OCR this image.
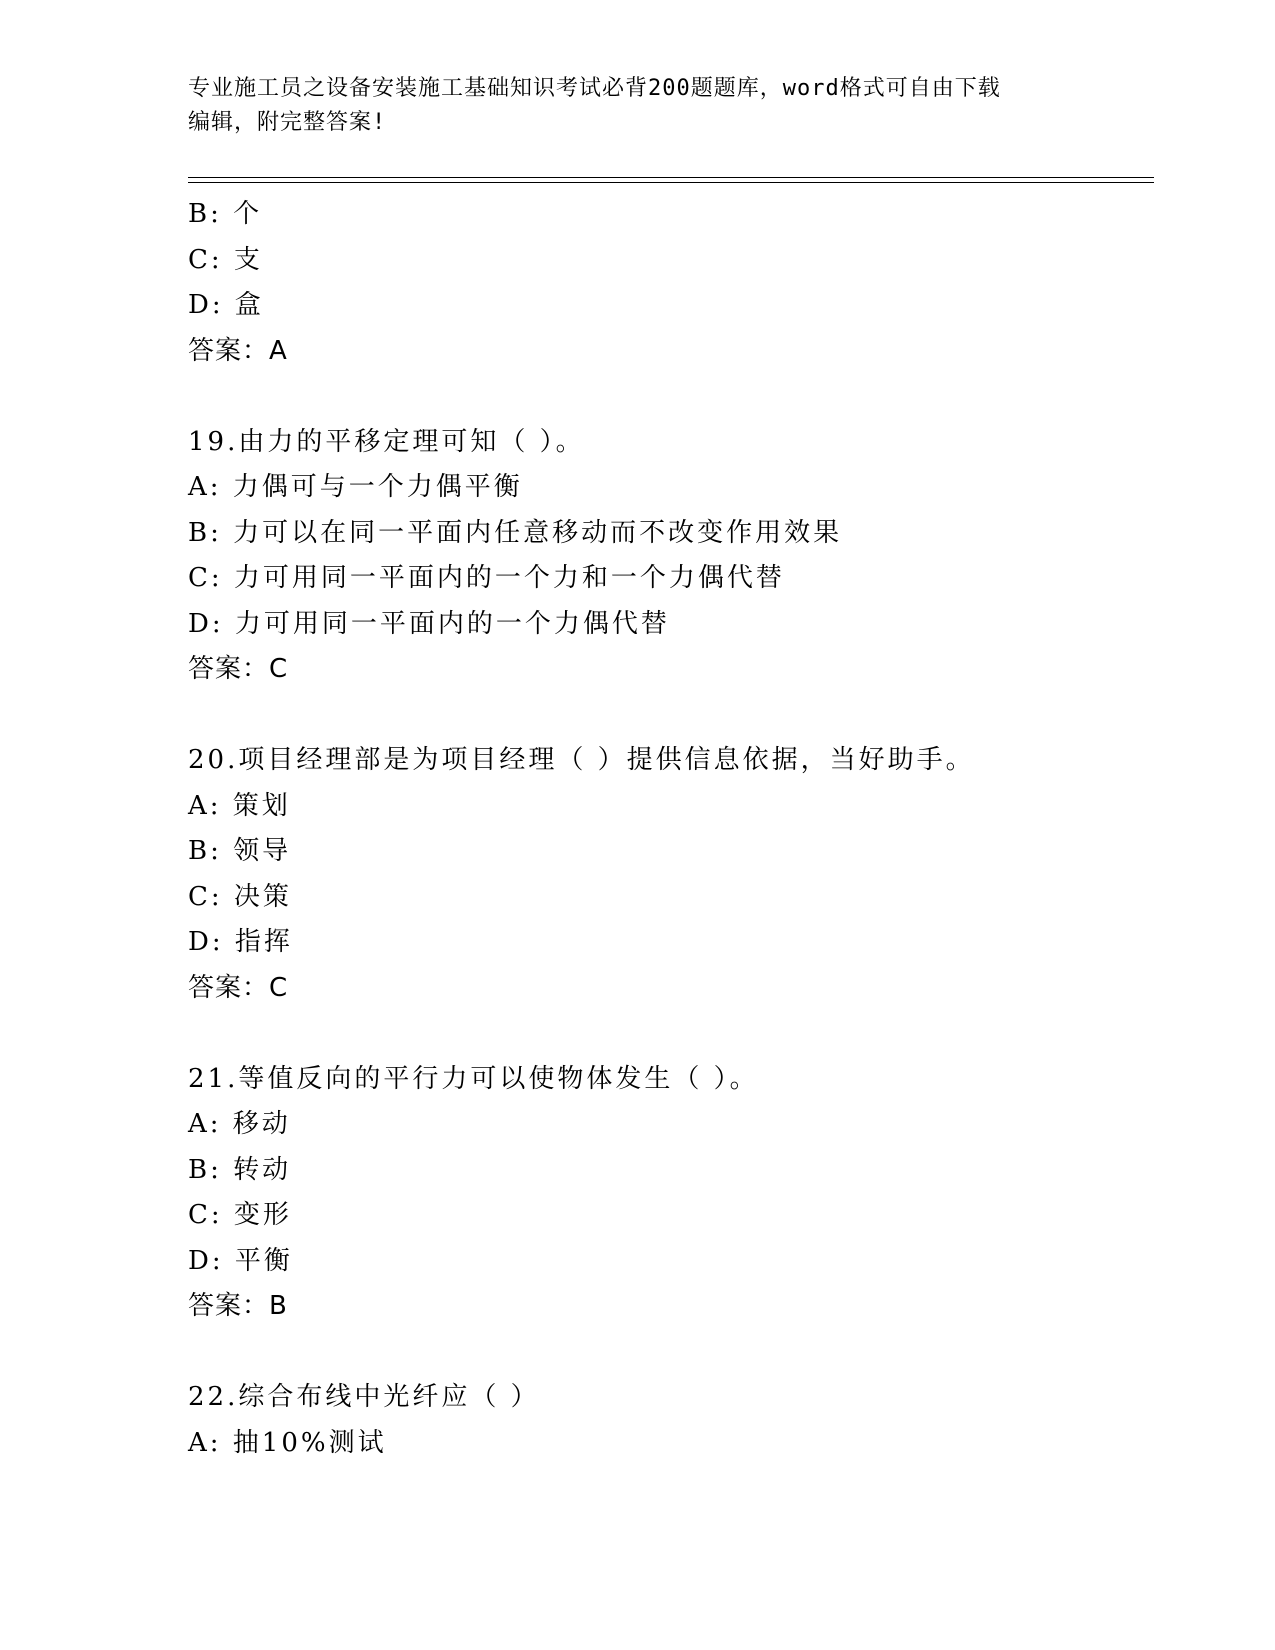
专业施工员之设备安装施工基础知识考试必背200题题库，word格式可自由下载
编辑，附完整答案!
B: 个
C: 支
D: 盒
答案：A
19.由力的平移定理可知（ ）。
A: 力偶可与一个力偶平衡
B: 力可以在同一平面内任意移动而不改变作用效果
C: 力可用同一平面内的一个力和一个力偶代替
D: 力可用同一平面内的一个力偶代替
答案：C
20.项目经理部是为项目经理（ ）提供信息依据，当好助手。
A: 策划
B: 领导
C: 决策
D: 指挥
答案：C
21.等值反向的平行力可以使物体发生（ ）。
A: 移动
B: 转动
C: 变形
D: 平衡
答案：B
22.综合布线中光纤应（ ）
A: 抽10%测试
